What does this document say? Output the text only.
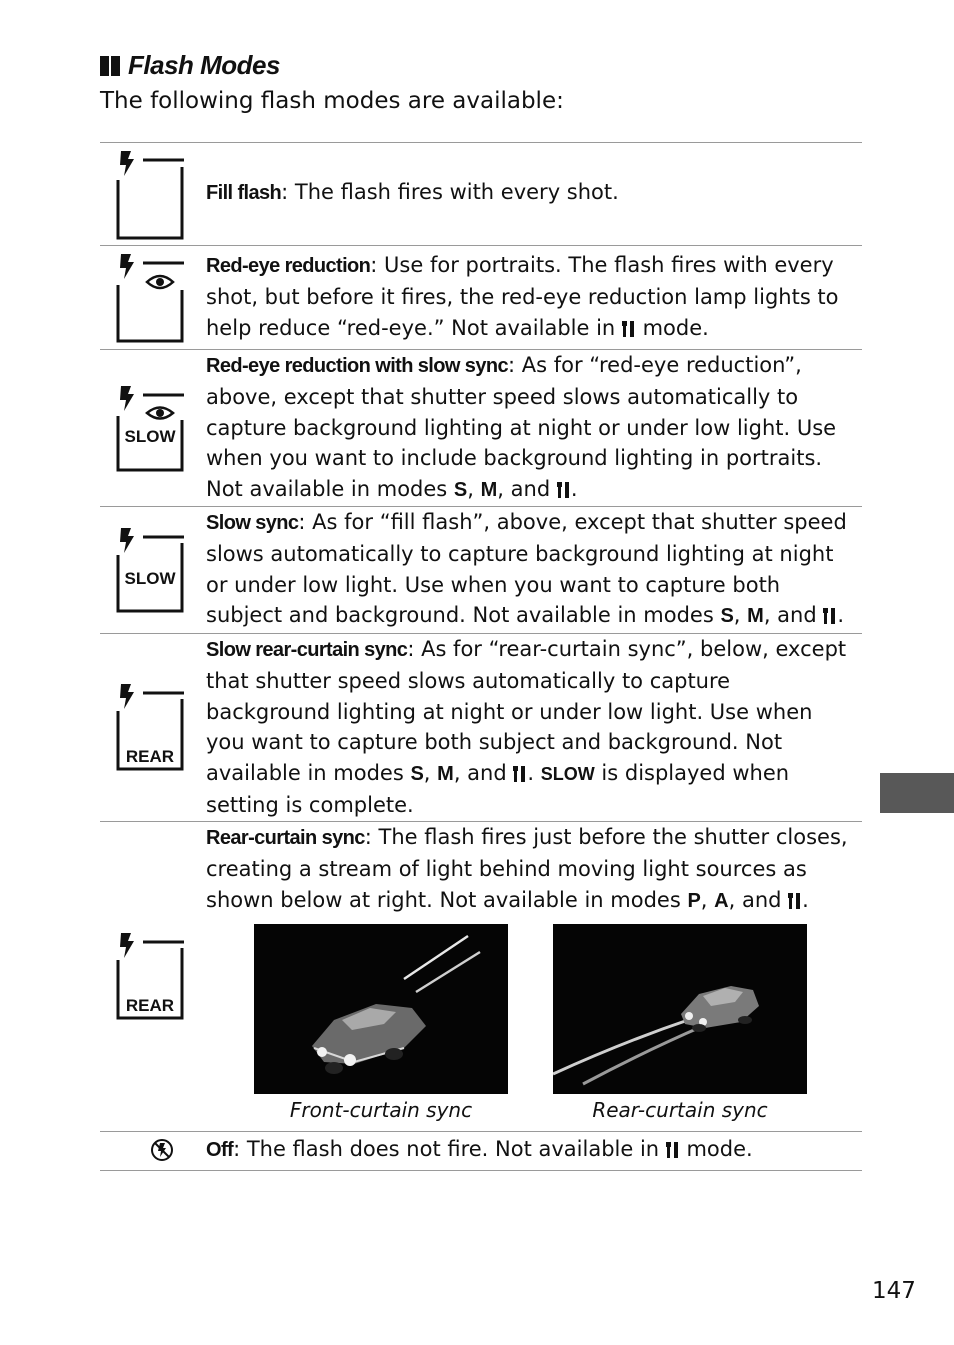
Flash Modes
The following flash modes are available:
Fill flash: The flash fires with every shot.
Red-eye reduction: Use for portraits. The flash fires with every shot, but before it fires, the red-eye reduction lamp lights to help reduce “red-eye.” Not available in  mode.
SLOW
Red-eye reduction with slow sync: As for “red-eye reduction”, above, except that shutter speed slows automatically to capture background lighting at night or under low light. Use when you want to include background lighting in portraits. Not available in modes S, M, and .
SLOW
Slow sync: As for “fill flash”, above, except that shutter speed slows automatically to capture background lighting at night or under low light. Use when you want to capture both subject and background. Not available in modes S, M, and .
REAR
Slow rear-curtain sync: As for “rear-curtain sync”, below, except that shutter speed slows automatically to capture background lighting at night or under low light. Use when you want to capture both subject and background. Not available in modes S, M, and . SLOW is displayed when setting is complete.
REAR
Rear-curtain sync: The flash fires just before the shutter closes, creating a stream of light behind moving light sources as shown below at right. Not available in modes P, A, and .
Front-curtain sync	Rear-curtain sync
Off: The flash does not fire. Not available in  mode.
147
